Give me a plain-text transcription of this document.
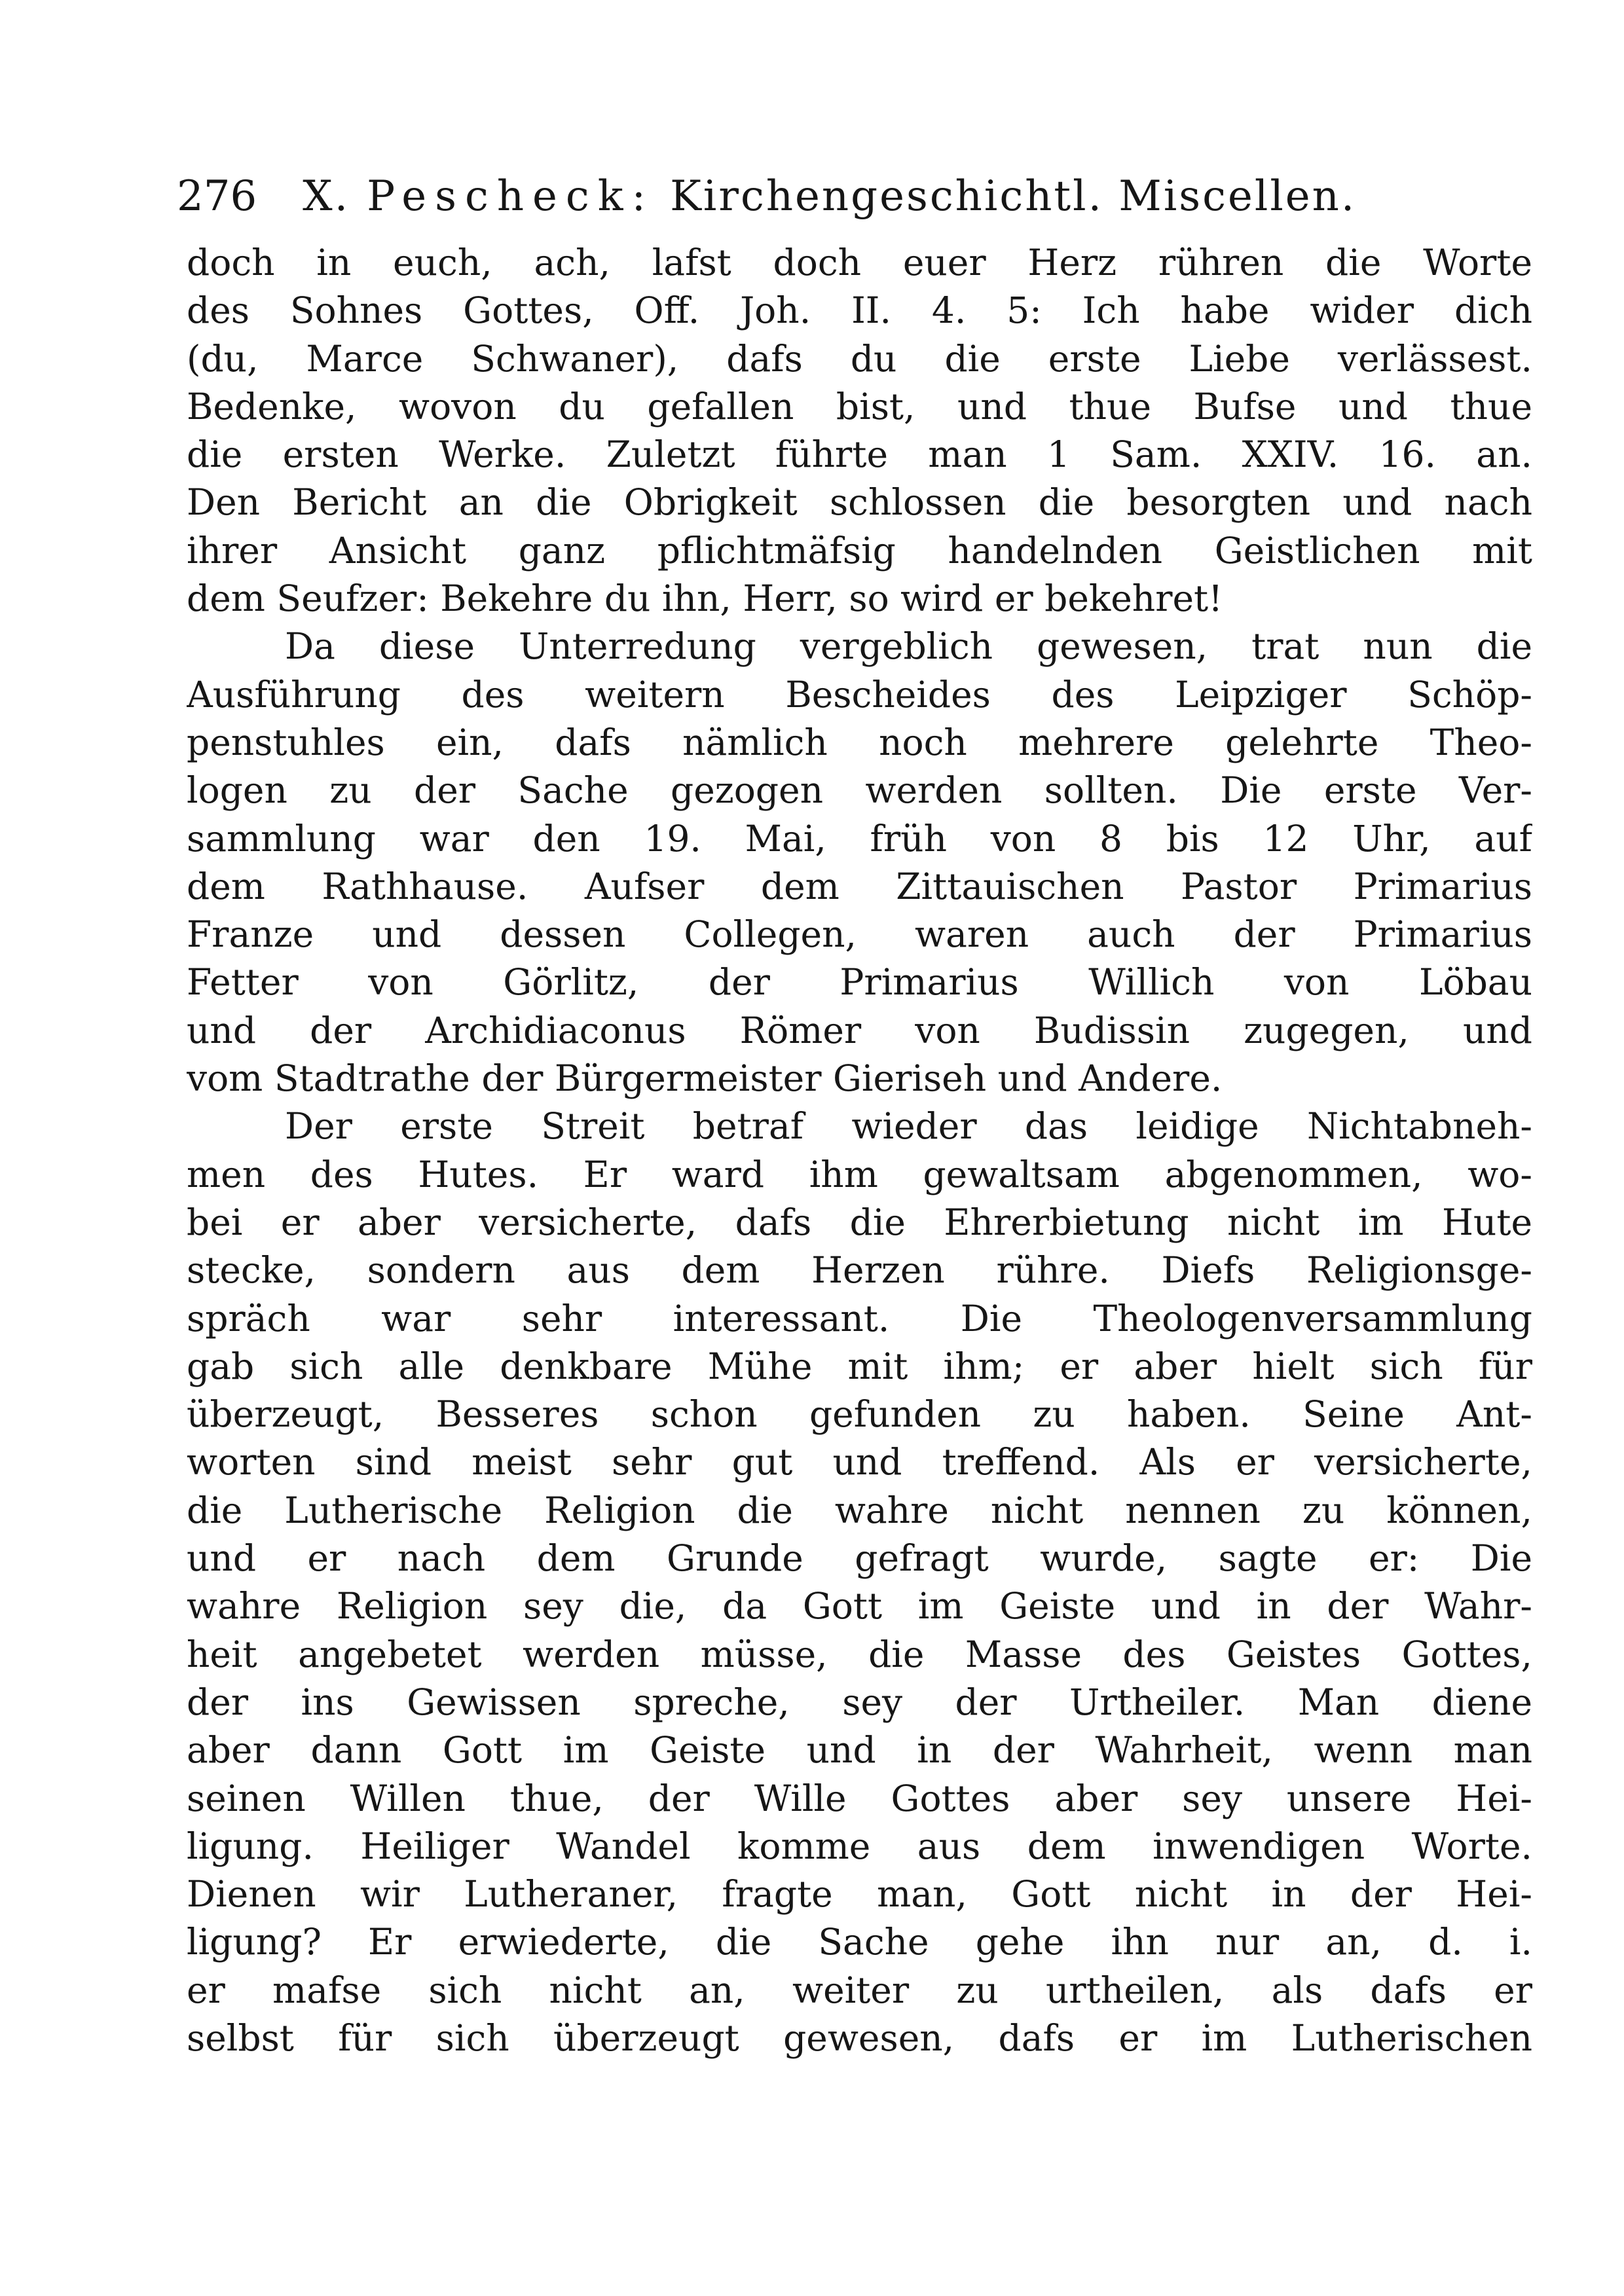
276 X. Pescheck: Kirchengeschichtl. Miscellen.
doch in euch, ach, lafst doch euer Herz rühren die Worte
des Sohnes Gottes, Off. Joh. II. 4. 5: Ich habe wider dich
(du, Marce Schwaner), dafs du die erste Liebe verlässest.
Bedenke, wovon du gefallen bist, und thue Bufse und thue
die ersten Werke. Zuletzt führte man 1 Sam. XXIV. 16. an.
Den Bericht an die Obrigkeit schlossen die besorgten und nach
ihrer Ansicht ganz pflichtmäfsig handelnden Geistlichen mit
dem Seufzer: Bekehre du ihn, Herr, so wird er bekehret!
Da diese Unterredung vergeblich gewesen, trat nun die
Ausführung des weitern Bescheides des Leipziger Schöp-
penstuhles ein, dafs nämlich noch mehrere gelehrte Theo-
logen zu der Sache gezogen werden sollten. Die erste Ver-
sammlung war den 19. Mai, früh von 8 bis 12 Uhr, auf
dem Rathhause. Aufser dem Zittauischen Pastor Primarius
Franze und dessen Collegen, waren auch der Primarius
Fetter von Görlitz, der Primarius Willich von Löbau
und der Archidiaconus Römer von Budissin zugegen, und
vom Stadtrathe der Bürgermeister Gieriseh und Andere.
Der erste Streit betraf wieder das leidige Nichtabneh-
men des Hutes. Er ward ihm gewaltsam abgenommen, wo-
bei er aber versicherte, dafs die Ehrerbietung nicht im Hute
stecke, sondern aus dem Herzen rühre. Diefs Religionsge-
spräch war sehr interessant. Die Theologenversammlung
gab sich alle denkbare Mühe mit ihm; er aber hielt sich für
überzeugt, Besseres schon gefunden zu haben. Seine Ant-
worten sind meist sehr gut und treffend. Als er versicherte,
die Lutherische Religion die wahre nicht nennen zu können,
und er nach dem Grunde gefragt wurde, sagte er: Die
wahre Religion sey die, da Gott im Geiste und in der Wahr-
heit angebetet werden müsse, die Masse des Geistes Gottes,
der ins Gewissen spreche, sey der Urtheiler. Man diene
aber dann Gott im Geiste und in der Wahrheit, wenn man
seinen Willen thue, der Wille Gottes aber sey unsere Hei-
ligung. Heiliger Wandel komme aus dem inwendigen Worte.
Dienen wir Lutheraner, fragte man, Gott nicht in der Hei-
ligung? Er erwiederte, die Sache gehe ihn nur an, d. i.
er mafse sich nicht an, weiter zu urtheilen, als dafs er
selbst für sich überzeugt gewesen, dafs er im Lutherischen
